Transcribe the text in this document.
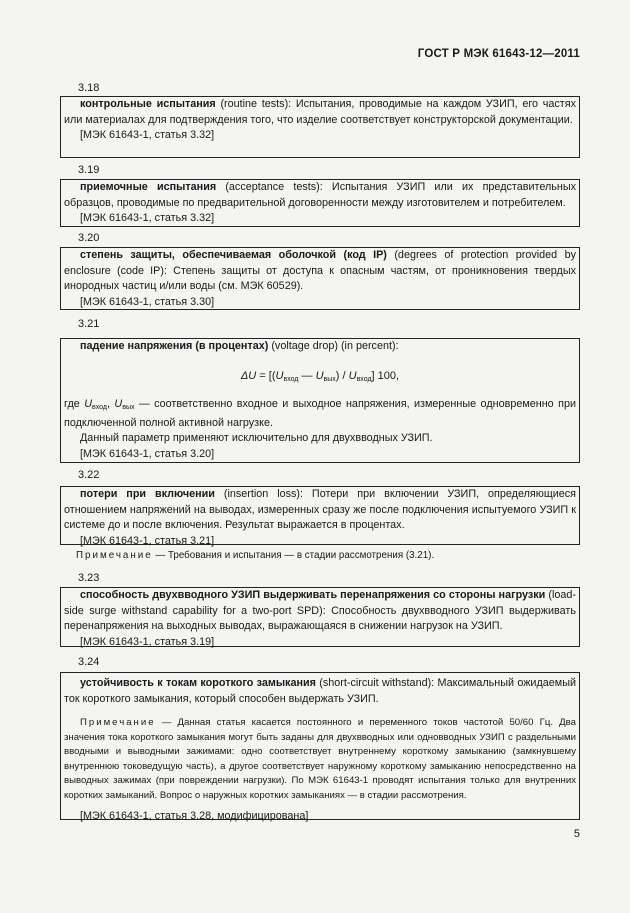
ГОСТ Р МЭК 61643-12—2011
3.18

контрольные испытания (routine tests): Испытания, проводимые на каждом УЗИП, его частях или материалах для подтверждения того, что изделие соответствует конструкторской документации.

[МЭК 61643-1, статья 3.32]

3.19

приемочные испытания (acceptance tests): Испытания УЗИП или их представительных образцов, проводимые по предварительной договоренности между изготовителем и потребителем.

[МЭК 61643-1, статья 3.32]

3.20

степень защиты, обеспечиваемая оболочкой (код IP) (degrees of protection provided by enclosure (code IP): Степень защиты от доступа к опасным частям, от проникновения твердых инородных частиц и/или воды (см. МЭК 60529).

[МЭК 61643-1, статья 3.30]

3.21

падение напряжения (в процентах) (voltage drop) (in percent):

$\Delta U = [(U_{вход}$ — $U_{вых}) / U_{вход}$] 100,

где $U_{вход}$, $U_{вых}$ — соответственно входное и выходное напряжения, измеренные одновременно при подключенной полной активной нагрузке.

Данный параметр применяют исключительно для двухвводных УЗИП.

[МЭК 61643-1, статья 3.20]

3.22

потери при включении (insertion loss): Потери при включении УЗИП, определяющиеся отношением напряжений на выводах, измеренных сразу же после подключения испытуемого УЗИП к системе до и после включения. Результат выражается в процентах.

[МЭК 61643-1, статья 3.21]

Примечание — Требования и испытания — в стадии рассмотрения (3.21).
3.23

способность двухвводного УЗИП выдерживать перенапряжения со стороны нагрузки (load-side surge withstand capability for a two-port SPD): Способность двухвводного УЗИП выдерживать перенапряжения на выходных выводах, выражающаяся в снижении нагрузок на УЗИП.

[МЭК 61643-1, статья 3.19]

3.24

устойчивость к токам короткого замыкания (short-circuit withstand): Максимальный ожидаемый ток короткого замыкания, который способен выдержать УЗИП.

Примечание — Данная статья касается постоянного и переменного токов частотой 50/60 Гц. Два значения тока короткого замыкания могут быть заданы для двухвводных или одновводных УЗИП с раздельными вводными и выводными зажимами: одно соответствует внутреннему короткому замыканию (замкнувшему внутреннюю токоведущую часть), а другое соответствует наружному короткому замыканию непосредственно на выводных зажимах (при повреждении нагрузки). По МЭК 61643-1 проводят испытания только для внутренних коротких замыканий. Вопрос о наружных коротких замыканиях — в стадии рассмотрения.

[МЭК 61643-1, статья 3.28, модифицирована]

5
